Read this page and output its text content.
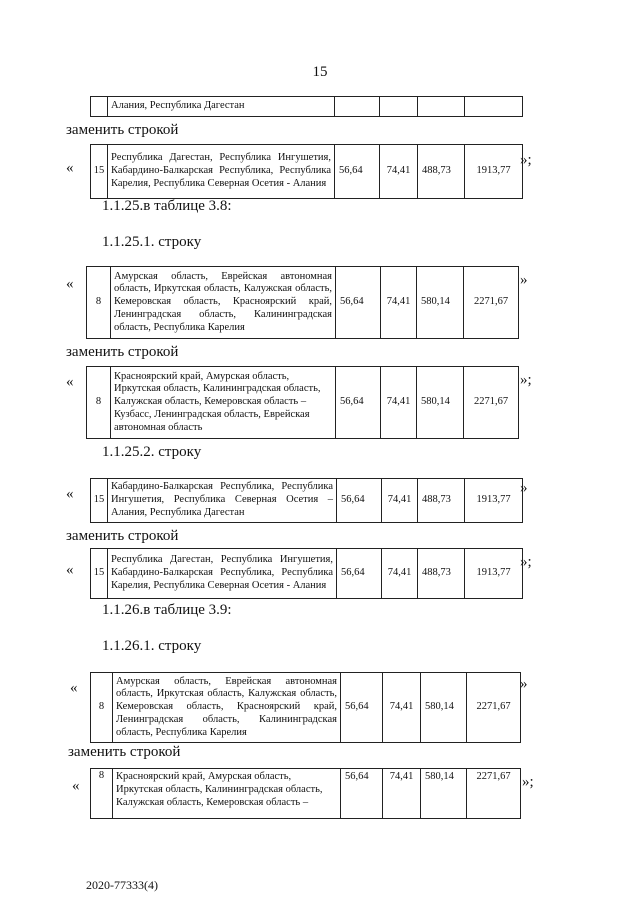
15
	Алания, Республика Дагестан				
заменить строкой
« 15	Республика Дагестан, Республика Ингушетия, Кабардино-Балкарская Республика, Республика Карелия, Республика Северная Осетия - Алания	56,64	74,41	488,73	1913,77
»;
1.1.25.в таблице 3.8:
1.1.25.1. строку
«
8	Амурская область, Еврейская автономная область, Иркутская область, Калужская область, Кемеровская область, Красноярский край, Ленинградская область, Калининградская область, Республика Карелия	56,64	74,41	580,14	2271,67
»
заменить строкой
«
8	Красноярский край, Амурская область, Иркутская область, Калининградская область, Калужская область, Кемеровская область – Кузбасс, Ленинградская область, Еврейская автономная область	56,64	74,41	580,14	2271,67
»;
1.1.25.2. строку
« 15	Кабардино-Балкарская Республика, Республика Ингушетия, Республика Северная Осетия – Алания, Республика Дагестан	56,64	74,41	488,73	1913,77
»
заменить строкой
« 15	Республика Дагестан, Республика Ингушетия, Кабардино-Балкарская Республика, Республика Карелия, Республика Северная Осетия - Алания	56,64	74,41	488,73	1913,77
»;
1.1.26.в таблице 3.9:
1.1.26.1. строку
«
8	Амурская область, Еврейская автономная область, Иркутская область, Калужская область, Кемеровская область, Красноярский край, Ленинградская область, Калининградская область, Республика Карелия	56,64	74,41	580,14	2271,67
»
заменить строкой
«
8	Красноярский край, Амурская область, Иркутская область, Калининградская область, Калужская область, Кемеровская область –	56,64	74,41	580,14	2271,67 »;
2020-77333(4)
